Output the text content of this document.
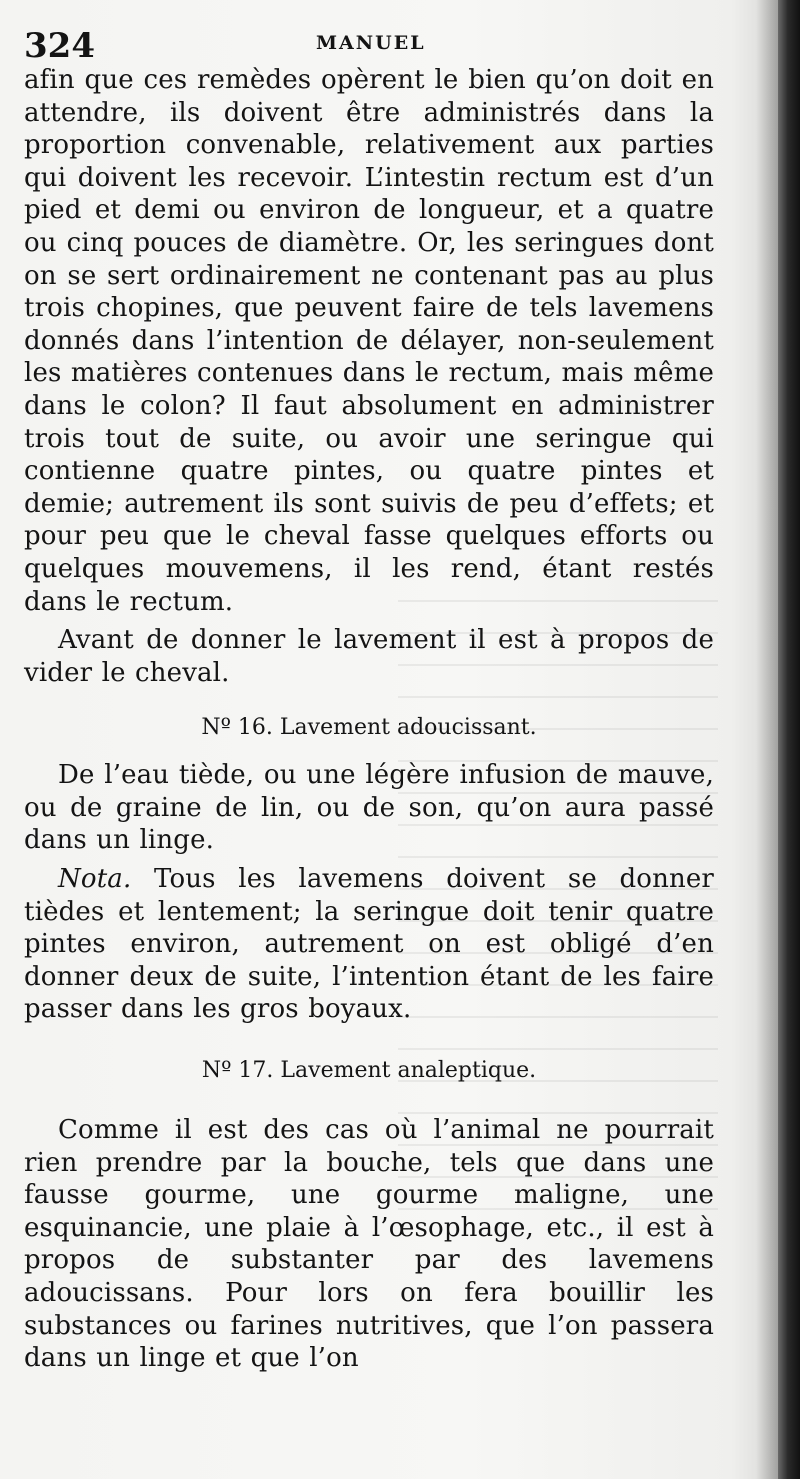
324	MANUEL

afin que ces remèdes opèrent le bien qu’on doit en attendre, ils doivent être administrés dans la proportion convenable, relativement aux parties qui doivent les recevoir. L’intestin rectum est d’un pied et demi ou environ de longueur, et a quatre ou cinq pouces de diamètre. Or, les seringues dont on se sert ordinairement ne contenant pas au plus trois chopines, que peuvent faire de tels lavemens donnés dans l’intention de délayer, non-seulement les matières contenues dans le rectum, mais même dans le colon? Il faut absolument en administrer trois tout de suite, ou avoir une seringue qui contienne quatre pintes, ou quatre pintes et demie; autrement ils sont suivis de peu d’effets; et pour peu que le cheval fasse quelques efforts ou quelques mouvemens, il les rend, étant restés dans le rectum.

Avant de donner le lavement il est à propos de vider le cheval.

Nº 16. Lavement adoucissant.

De l’eau tiède, ou une légère infusion de mauve, ou de graine de lin, ou de son, qu’on aura passé dans un linge.

Nota. Tous les lavemens doivent se donner tièdes et lentement; la seringue doit tenir quatre pintes environ, autrement on est obligé d’en donner deux de suite, l’intention étant de les faire passer dans les gros boyaux.

Nº 17. Lavement analeptique.

Comme il est des cas où l’animal ne pourrait rien prendre par la bouche, tels que dans une fausse gourme, une gourme maligne, une esquinancie, une plaie à l’œsophage, etc., il est à propos de substanter par des lavemens adoucissans. Pour lors on fera bouillir les substances ou farines nutritives, que l’on passera dans un linge et que l’on
